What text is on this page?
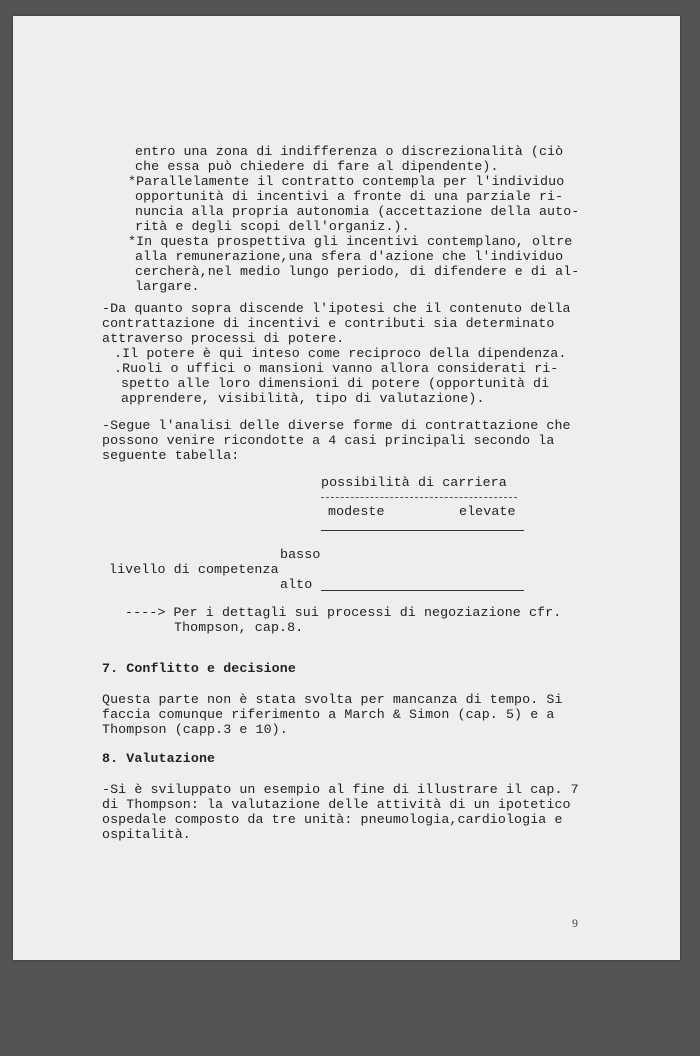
entro una zona di indifferenza o discrezionalità (ciò
che essa può chiedere di fare al dipendente).
*Parallelamente il contratto contempla per l'individuo
opportunità di incentivi a fronte di una parziale ri-
nuncia alla propria autonomia (accettazione della auto-
rità e degli scopi dell'organiz.).
*In questa prospettiva gli incentivi contemplano, oltre
alla remunerazione,una sfera d'azione che l'individuo
cercherà,nel medio lungo periodo, di difendere e di al-
largare.
-Da quanto sopra discende l'ipotesi che il contenuto della
contrattazione di incentivi e contributi sia determinato
attraverso processi di potere.
.Il potere è qui inteso come reciproco della dipendenza.
.Ruoli o uffici o mansioni vanno allora considerati ri-
spetto alle loro dimensioni di potere (opportunità di
apprendere, visibilità, tipo di valutazione).
-Segue l'analisi delle diverse forme di contrattazione che
possono venire ricondotte a 4 casi principali secondo la
seguente tabella:
possibilità di carriera
modeste	elevate
basso
livello di competenza
alto
----> Per i dettagli sui processi di negoziazione cfr.
Thompson, cap.8.
7. Conflitto e decisione
Questa parte non è stata svolta per mancanza di tempo. Si
faccia comunque riferimento a March & Simon (cap. 5) e a
Thompson (capp.3 e 10).
8. Valutazione
-Si è sviluppato un esempio al fine di illustrare il cap. 7
di Thompson: la valutazione delle attività di un ipotetico
ospedale composto da tre unità: pneumologia,cardiologia e
ospitalità.
9
